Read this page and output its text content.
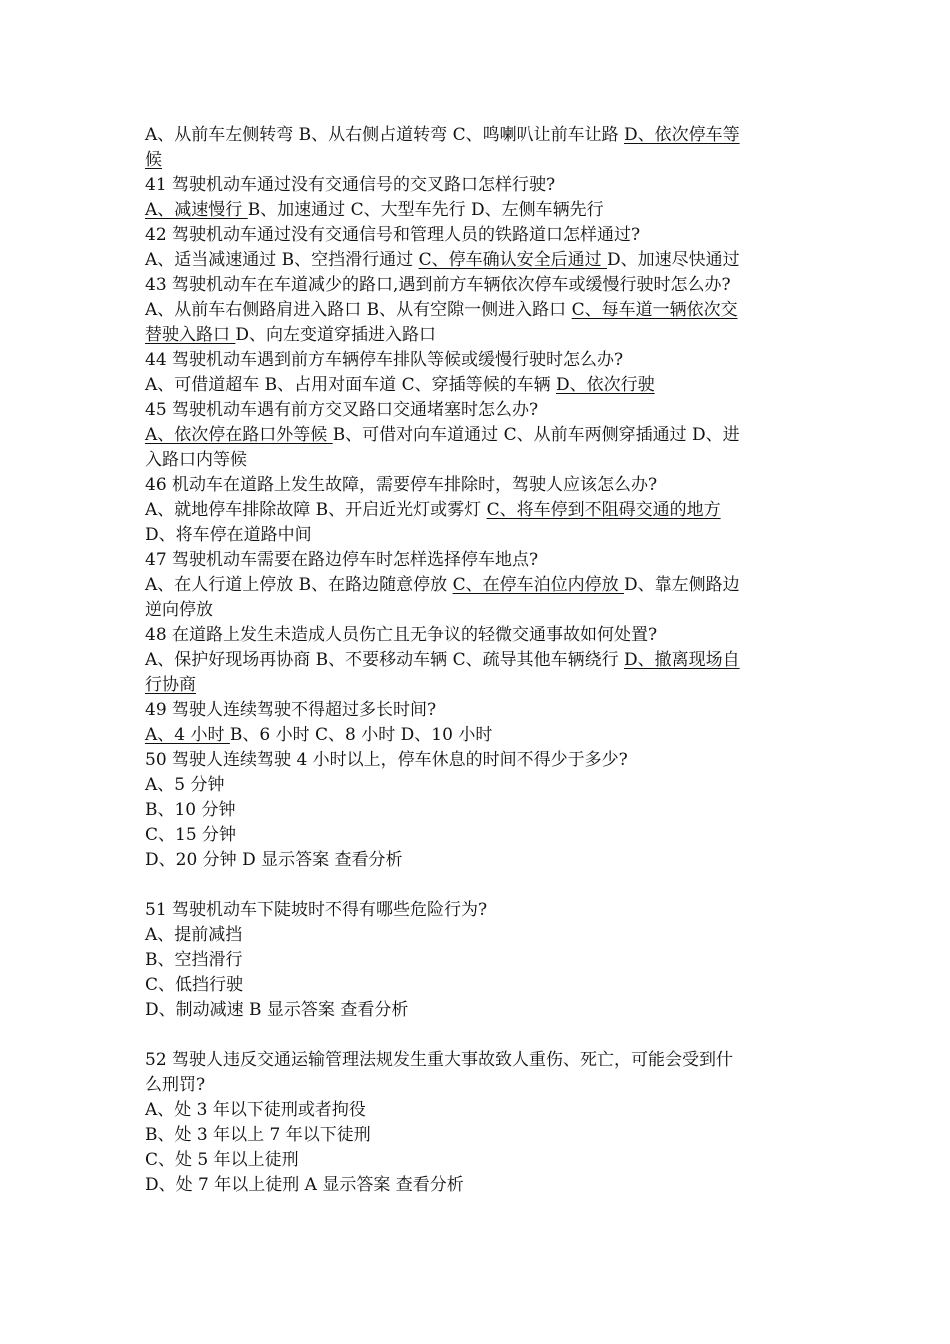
A、从前车左侧转弯 B、从右侧占道转弯 C、鸣喇叭让前车让路 D、依次停车等
候
41 驾驶机动车通过没有交通信号的交叉路口怎样行驶?
A、减速慢行 B、加速通过 C、大型车先行 D、左侧车辆先行
42 驾驶机动车通过没有交通信号和管理人员的铁路道口怎样通过?
A、适当减速通过 B、空挡滑行通过 C、停车确认安全后通过 D、加速尽快通过
43 驾驶机动车在车道减少的路口,遇到前方车辆依次停车或缓慢行驶时怎么办?
A、从前车右侧路肩进入路口 B、从有空隙一侧进入路口 C、每车道一辆依次交
替驶入路口 D、向左变道穿插进入路口
44 驾驶机动车遇到前方车辆停车排队等候或缓慢行驶时怎么办?
A、可借道超车 B、占用对面车道 C、穿插等候的车辆 D、依次行驶
45 驾驶机动车遇有前方交叉路口交通堵塞时怎么办?
A、依次停在路口外等候 B、可借对向车道通过 C、从前车两侧穿插通过 D、进
入路口内等候
46 机动车在道路上发生故障，需要停车排除时，驾驶人应该怎么办?
A、就地停车排除故障 B、开启近光灯或雾灯 C、将车停到不阻碍交通的地方
D、将车停在道路中间
47 驾驶机动车需要在路边停车时怎样选择停车地点?
A、在人行道上停放 B、在路边随意停放 C、在停车泊位内停放 D、靠左侧路边
逆向停放
48 在道路上发生未造成人员伤亡且无争议的轻微交通事故如何处置?
A、保护好现场再协商 B、不要移动车辆 C、疏导其他车辆绕行 D、撤离现场自
行协商
49 驾驶人连续驾驶不得超过多长时间?
A、4 小时 B、6 小时 C、8 小时 D、10 小时
50 驾驶人连续驾驶 4 小时以上，停车休息的时间不得少于多少?
A、5 分钟
B、10 分钟
C、15 分钟
D、20 分钟 D 显示答案 查看分析
51 驾驶机动车下陡坡时不得有哪些危险行为?
A、提前减挡
B、空挡滑行
C、低挡行驶
D、制动减速 B 显示答案 查看分析
52 驾驶人违反交通运输管理法规发生重大事故致人重伤、死亡，可能会受到什
么刑罚?
A、处 3 年以下徒刑或者拘役
B、处 3 年以上 7 年以下徒刑
C、处 5 年以上徒刑
D、处 7 年以上徒刑 A 显示答案 查看分析
